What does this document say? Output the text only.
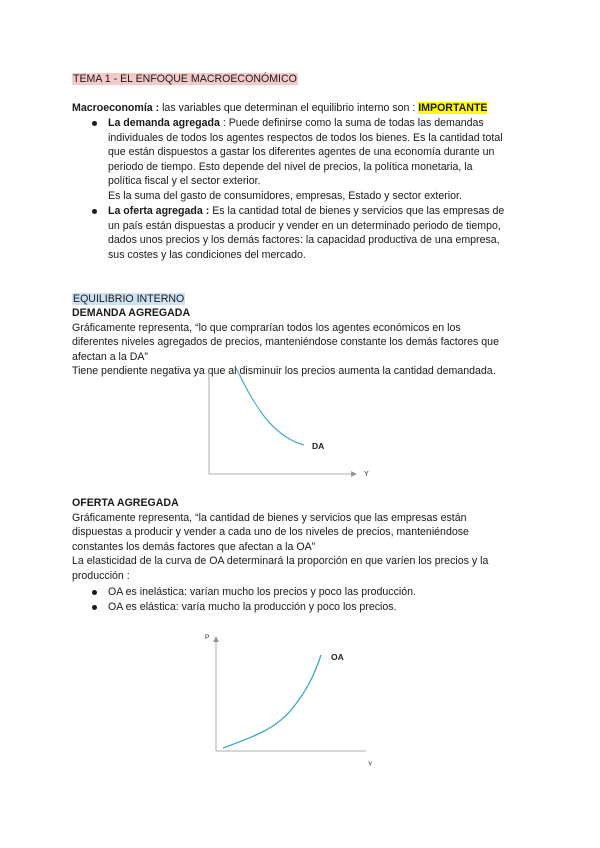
TEMA 1 - EL ENFOQUE MACROECONÓMICO
Macroeconomía : las variables que determinan el equilibrio interno son : IMPORTANTE
La demanda agregada : Puede definirse como la suma de todas las demandas
individuales de todos los agentes respectos de todos los bienes. Es la cantidad total
que están dispuestos a gastar los diferentes agentes de una economía durante un
periodo de tiempo. Esto depende del nivel de precios, la política monetaria, la
política fiscal y el sector exterior.
Es la suma del gasto de consumidores, empresas, Estado y sector exterior.
La oferta agregada : Es la cantidad total de bienes y servicios que las empresas de
un país están dispuestas a producir y vender en un determinado periodo de tiempo,
dados unos precios y los demás factores: la capacidad productiva de una empresa,
sus costes y las condiciones del mercado.
EQUILIBRIO INTERNO
DEMANDA AGREGADA
Gráficamente representa, “lo que comprarían todos los agentes económicos en los
diferentes niveles agregados de precios, manteniéndose constante los demás factores que
afectan a la DA”
Tiene pendiente negativa ya que al disminuir los precios aumenta la cantidad demandada.
DA
Y
OFERTA AGREGADA
Gráficamente representa, “la cantidad de bienes y servicios que las empresas están
dispuestas a producir y vender a cada uno de los niveles de precios, manteniéndose
constantes los demás factores que afectan a la OA”
La elasticidad de la curva de OA determinará la proporción en que varíen los precios y la
producción :
OA es inelástica: varían mucho los precios y poco las producción.
OA es elástica: varía mucho la producción y poco los precios.
P
OA
Y
